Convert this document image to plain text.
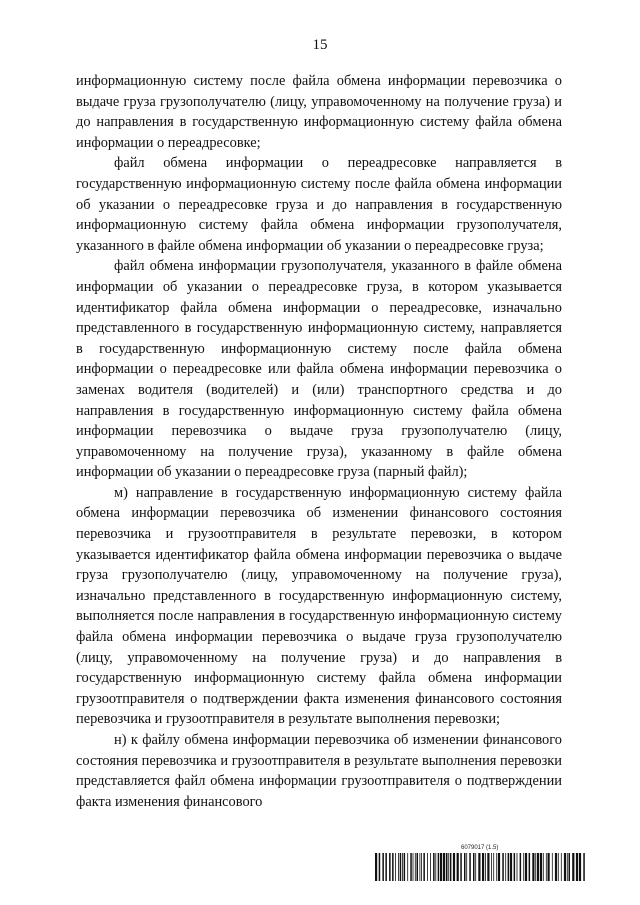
15

информационную систему после файла обмена информации перевозчика о выдаче груза грузополучателю (лицу, управомоченному на получение груза) и до направления в государственную информационную систему файла обмена информации о переадресовке;

файл обмена информации о переадресовке направляется в государственную информационную систему после файла обмена информации об указании о переадресовке груза и до направления в государственную информационную систему файла обмена информации грузополучателя, указанного в файле обмена информации об указании о переадресовке груза;

файл обмена информации грузополучателя, указанного в файле обмена информации об указании о переадресовке груза, в котором указывается идентификатор файла обмена информации о переадресовке, изначально представленного в государственную информационную систему, направляется в государственную информационную систему после файла обмена информации о переадресовке или файла обмена информации перевозчика о заменах водителя (водителей) и (или) транспортного средства и до направления в государственную информационную систему файла обмена информации перевозчика о выдаче груза грузополучателю (лицу, управомоченному на получение груза), указанному в файле обмена информации об указании о переадресовке груза (парный файл);

м) направление в государственную информационную систему файла обмена информации перевозчика об изменении финансового состояния перевозчика и грузоотправителя в результате перевозки, в котором указывается идентификатор файла обмена информации перевозчика о выдаче груза грузополучателю (лицу, управомоченному на получение груза), изначально представленного в государственную информационную систему, выполняется после направления в государственную информационную систему файла обмена информации перевозчика о выдаче груза грузополучателю (лицу, управомоченному на получение груза) и до направления в государственную информационную систему файла обмена информации грузоотправителя о подтверждении факта изменения финансового состояния перевозчика и грузоотправителя в результате выполнения перевозки;

н) к файлу обмена информации перевозчика об изменении финансового состояния перевозчика и грузоотправителя в результате выполнения перевозки представляется файл обмена информации грузоотправителя о подтверждении факта изменения финансового

6079017 (1.5)
